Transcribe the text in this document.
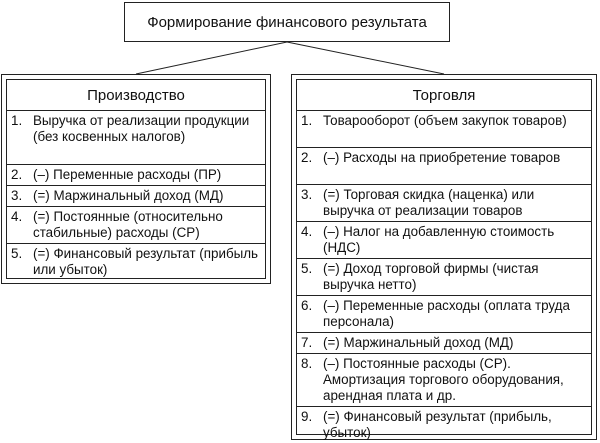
Формирование финансового результата
Производство
1. Выручка от реализации продукции (без косвенных налогов)
2. (–) Переменные расходы (ПР)
3. (=) Маржинальный доход (МД)
4. (=) Постоянные (относительно стабильные) расходы (СР)
5. (=) Финансовый результат (прибыль или убыток)
Торговля
1. Товарооборот (объем закупок товаров)
2. (–) Расходы на приобретение товаров
3. (=) Торговая скидка (наценка) или выручка от реализации товаров
4. (–) Налог на добавленную стоимость (НДС)
5. (=) Доход торговой фирмы (чистая выручка нетто)
6. (–) Переменные расходы (оплата труда персонала)
7. (=) Маржинальный доход (МД)
8. (–) Постоянные расходы (СР). Амортизация торгового оборудования, арендная плата и др.
9. (=) Финансовый результат (прибыль, убыток)
